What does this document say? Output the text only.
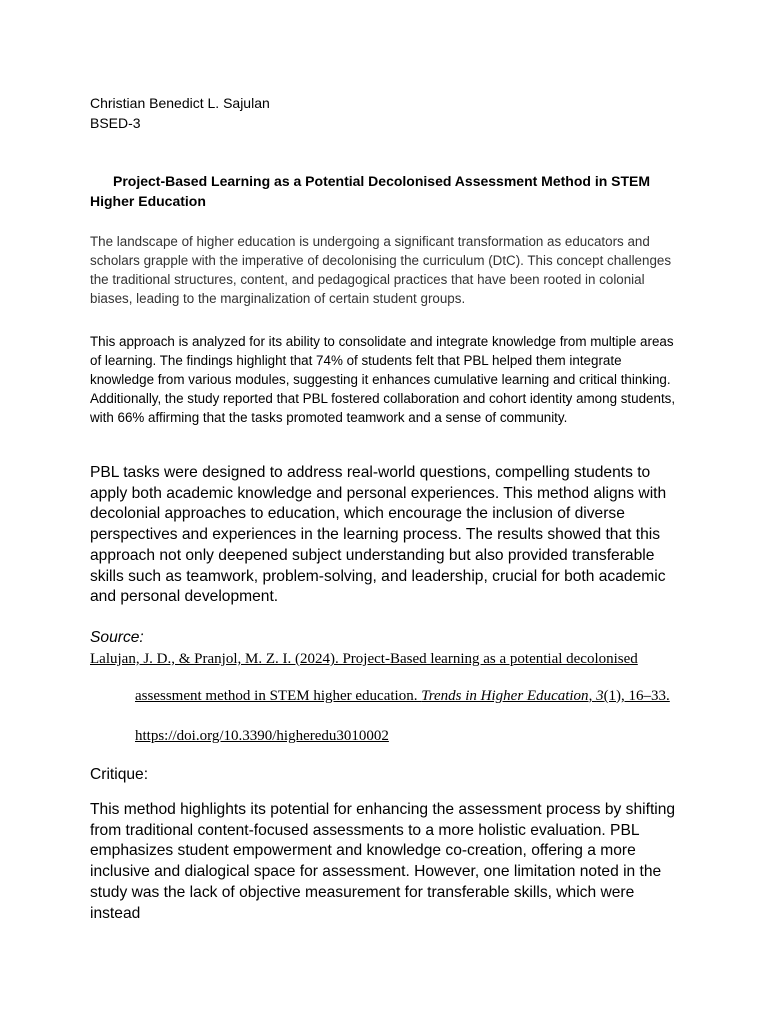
Christian Benedict L. Sajulan
BSED-3

Project-Based Learning as a Potential Decolonised Assessment Method in STEM Higher Education

The landscape of higher education is undergoing a significant transformation as educators and scholars grapple with the imperative of decolonising the curriculum (DtC). This concept challenges the traditional structures, content, and pedagogical practices that have been rooted in colonial biases, leading to the marginalization of certain student groups.

This approach is analyzed for its ability to consolidate and integrate knowledge from multiple areas of learning. The findings highlight that 74% of students felt that PBL helped them integrate knowledge from various modules, suggesting it enhances cumulative learning and critical thinking. Additionally, the study reported that PBL fostered collaboration and cohort identity among students, with 66% affirming that the tasks promoted teamwork and a sense of community.

PBL tasks were designed to address real-world questions, compelling students to apply both academic knowledge and personal experiences. This method aligns with decolonial approaches to education, which encourage the inclusion of diverse perspectives and experiences in the learning process. The results showed that this approach not only deepened subject understanding but also provided transferable skills such as teamwork, problem-solving, and leadership, crucial for both academic and personal development.

Source:
Lalujan, J. D., & Pranjol, M. Z. I. (2024). Project-Based learning as a potential decolonised
assessment method in STEM higher education. Trends in Higher Education, 3(1), 16–33.
https://doi.org/10.3390/higheredu3010002
Critique:

This method highlights its potential for enhancing the assessment process by shifting from traditional content-focused assessments to a more holistic evaluation. PBL emphasizes student empowerment and knowledge co-creation, offering a more inclusive and dialogical space for assessment. However, one limitation noted in the study was the lack of objective measurement for transferable skills, which were instead
